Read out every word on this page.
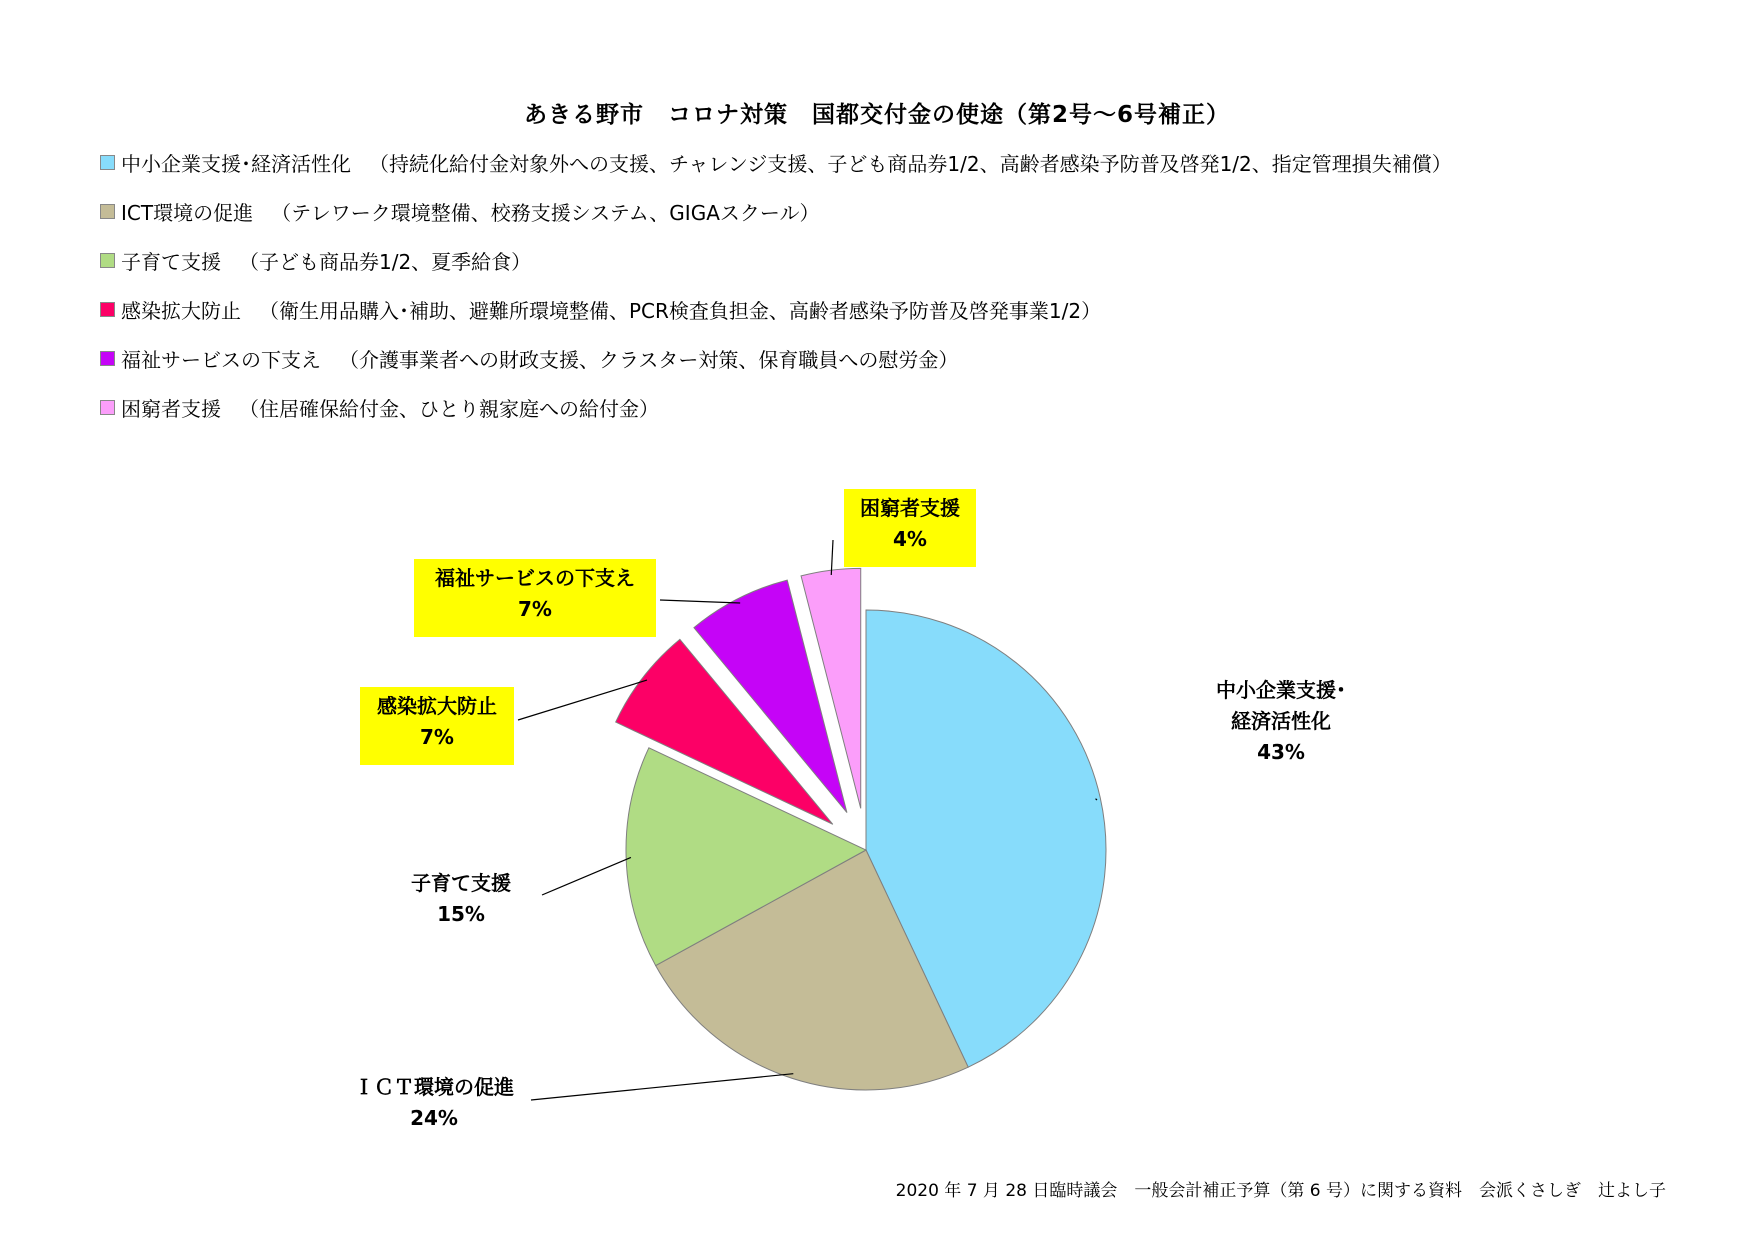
あきる野市　コロナ対策　国都交付金の使途（第2号～6号補正）
中小企業支援･経済活性化 （持続化給付金対象外への支援、チャレンジ支援、子ども商品券1/2、高齢者感染予防普及啓発1/2、指定管理損失補償）
ICT環境の促進 （テレワーク環境整備、校務支援システム、GIGAスクール）
子育て支援 （子ども商品券1/2、夏季給食）
感染拡大防止 （衛生用品購入･補助、避難所環境整備、PCR検査負担金、高齢者感染予防普及啓発事業1/2）
福祉サービスの下支え （介護事業者への財政支援、クラスター対策、保育職員への慰労金）
困窮者支援 （住居確保給付金、ひとり親家庭への給付金）
中小企業支援･
経済活性化
43%
ＩＣＴ環境の促進
24%
子育て支援
15%
感染拡大防止
7%
福祉サービスの下支え
7%
困窮者支援
4%
2020 年 7 月 28 日臨時議会　一般会計補正予算（第 6 号）に関する資料　会派くさしぎ　辻よし子
